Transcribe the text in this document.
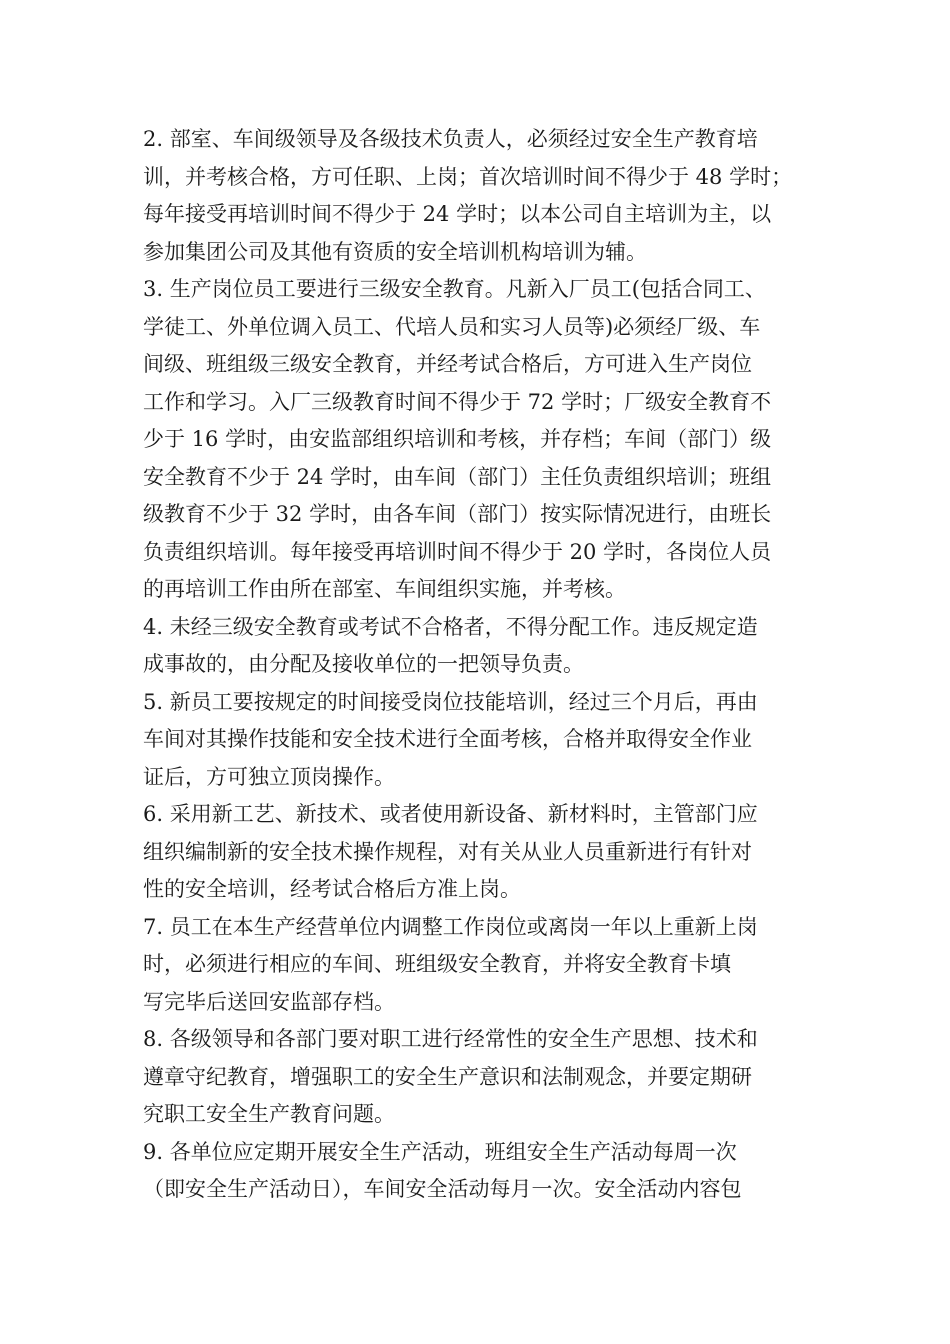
2. 部室、车间级领导及各级技术负责人，必须经过安全生产教育培
训，并考核合格，方可任职、上岗；首次培训时间不得少于 48 学时；
每年接受再培训时间不得少于 24 学时；以本公司自主培训为主，以
参加集团公司及其他有资质的安全培训机构培训为辅。
3. 生产岗位员工要进行三级安全教育。凡新入厂员工(包括合同工、
学徒工、外单位调入员工、代培人员和实习人员等)必须经厂级、车
间级、班组级三级安全教育，并经考试合格后，方可进入生产岗位
工作和学习。入厂三级教育时间不得少于 72 学时；厂级安全教育不
少于 16 学时，由安监部组织培训和考核，并存档；车间（部门）级
安全教育不少于 24 学时，由车间（部门）主任负责组织培训；班组
级教育不少于 32 学时，由各车间（部门）按实际情况进行，由班长
负责组织培训。每年接受再培训时间不得少于 20 学时，各岗位人员
的再培训工作由所在部室、车间组织实施，并考核。
4. 未经三级安全教育或考试不合格者，不得分配工作。违反规定造
成事故的，由分配及接收单位的一把领导负责。
5. 新员工要按规定的时间接受岗位技能培训，经过三个月后，再由
车间对其操作技能和安全技术进行全面考核，合格并取得安全作业
证后，方可独立顶岗操作。
6. 采用新工艺、新技术、或者使用新设备、新材料时，主管部门应
组织编制新的安全技术操作规程，对有关从业人员重新进行有针对
性的安全培训，经考试合格后方准上岗。
7. 员工在本生产经营单位内调整工作岗位或离岗一年以上重新上岗
时，必须进行相应的车间、班组级安全教育，并将安全教育卡填
写完毕后送回安监部存档。
8. 各级领导和各部门要对职工进行经常性的安全生产思想、技术和
遵章守纪教育，增强职工的安全生产意识和法制观念，并要定期研
究职工安全生产教育问题。
9. 各单位应定期开展安全生产活动，班组安全生产活动每周一次
（即安全生产活动日），车间安全活动每月一次。安全活动内容包
